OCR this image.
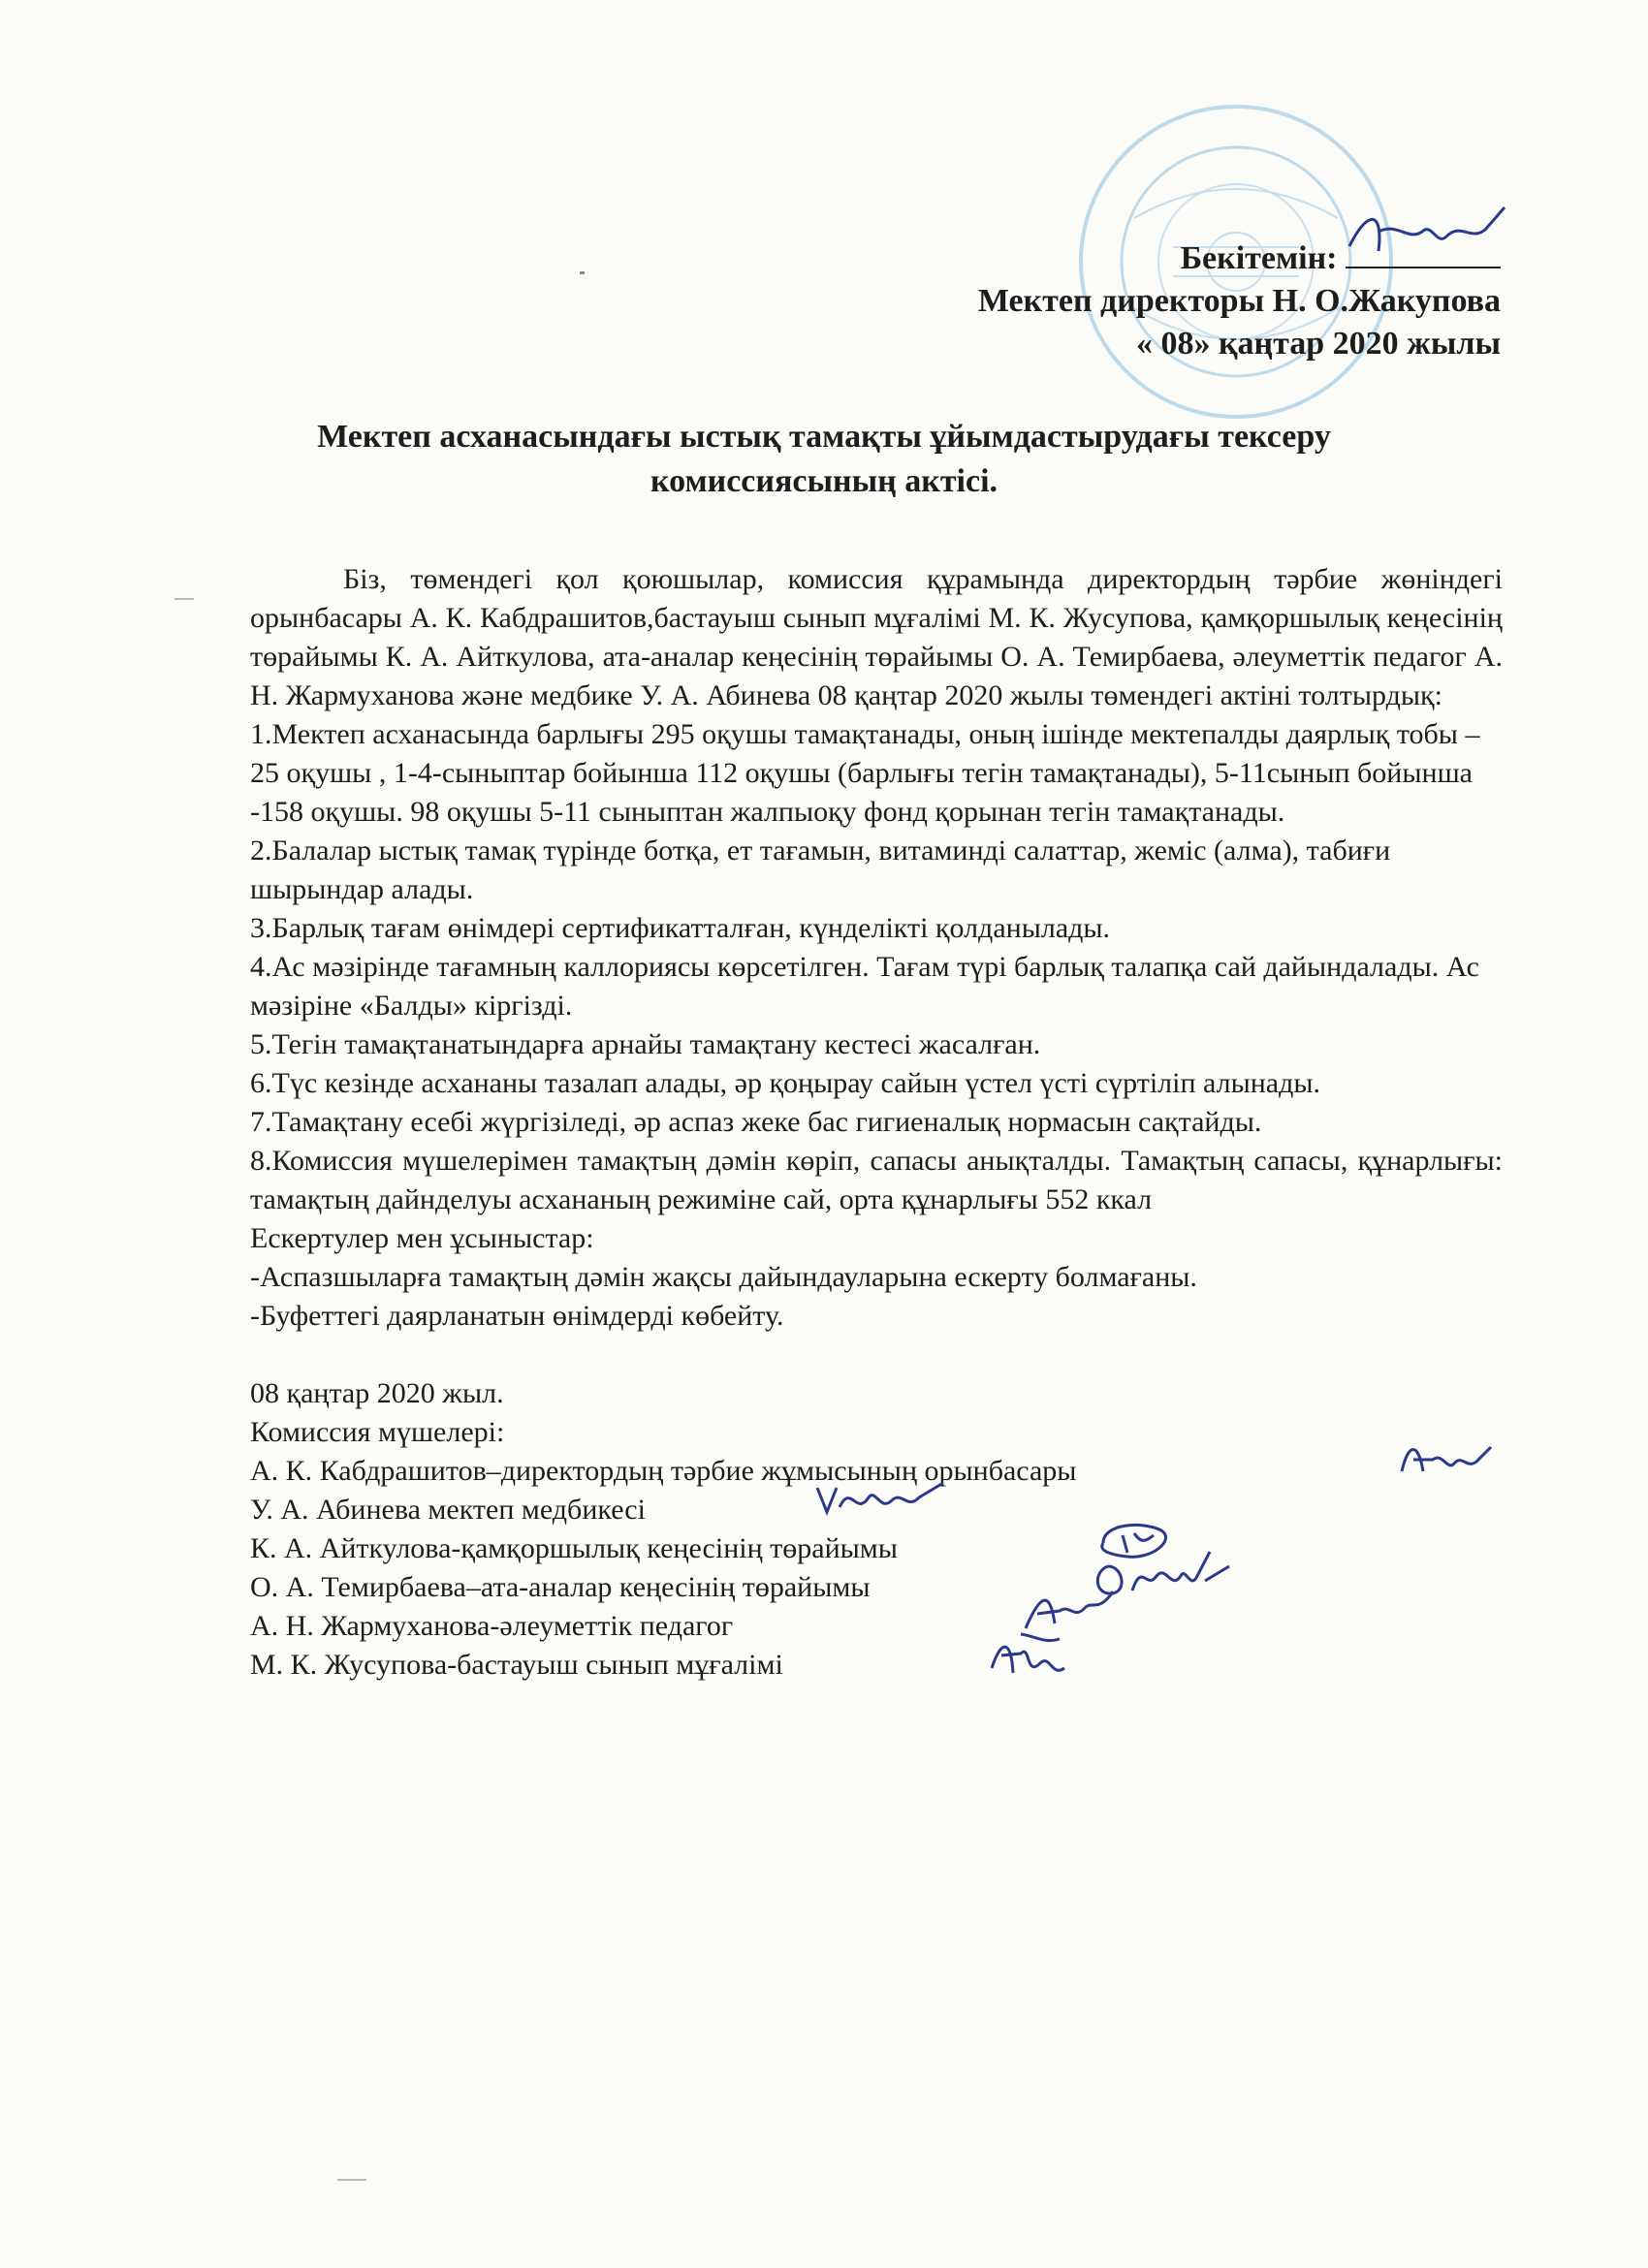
Бекітемін:
Мектеп директоры Н. О.Жакупова
« 08» қаңтар 2020 жылы
Мектеп асханасындағы ыстық тамақты ұйымдастырудағы тексеру
комиссиясының актісі.

Біз, төмендегі қол қоюшылар, комиссия құрамында директордың тәрбие жөніндегі орынбасары А. К. Кабдрашитов,бастауыш сынып мұғалімі М. К. Жусупова, қамқоршылық кеңесінің төрайымы К. А. Айткулова, ата-аналар кеңесінің төрайымы О. А. Темирбаева, әлеуметтік педагог А. Н. Жармуханова және медбике У. А. Абинева 08 қаңтар 2020 жылы төмендегі актіні толтырдық:

1.Мектеп асханасында барлығы 295 оқушы тамақтанады, оның ішінде мектепалды даярлық тобы – 25 оқушы , 1-4-сыныптар бойынша 112 оқушы (барлығы тегін тамақтанады), 5-11сынып бойынша -158 оқушы. 98 оқушы 5-11 сыныптан жалпыоқу фонд қорынан тегін тамақтанады.

2.Балалар ыстық тамақ түрінде ботқа, ет тағамын, витаминді салаттар, жеміс (алма), табиғи шырындар алады.

3.Барлық тағам өнімдері сертификатталған, күнделікті қолданылады.

4.Ас мәзірінде тағамның каллориясы көрсетілген. Тағам түрі барлық талапқа сай дайындалады. Ас мәзіріне «Балды» кіргізді.

5.Тегін тамақтанатындарға арнайы тамақтану кестесі жасалған.

6.Түс кезінде асхананы тазалап алады, әр қоңырау сайын үстел үсті сүртіліп алынады.

7.Тамақтану есебі жүргізіледі, әр аспаз жеке бас гигиеналық нормасын сақтайды.

8.Комиссия мүшелерімен тамақтың дәмін көріп, сапасы анықталды. Тамақтың сапасы, құнарлығы: тамақтың дайнделуы асхананың режиміне сай, орта құнарлығы 552 ккал

Ескертулер мен ұсыныстар:

-Аспазшыларға тамақтың дәмін жақсы дайындауларына ескерту болмағаны.

-Буфеттегі даярланатын өнімдерді көбейту.

08 қаңтар 2020 жыл.

Комиссия мүшелері:

А. К. Кабдрашитов–директордың тәрбие жұмысының орынбасары

У. А. Абинева мектеп медбикесі

К. А. Айткулова-қамқоршылық кеңесінің төрайымы

О. А. Темирбаева–ата-аналар кеңесінің төрайымы

А. Н. Жармуханова-әлеуметтік педагог

М. К. Жусупова-бастауыш сынып мұғалімі
